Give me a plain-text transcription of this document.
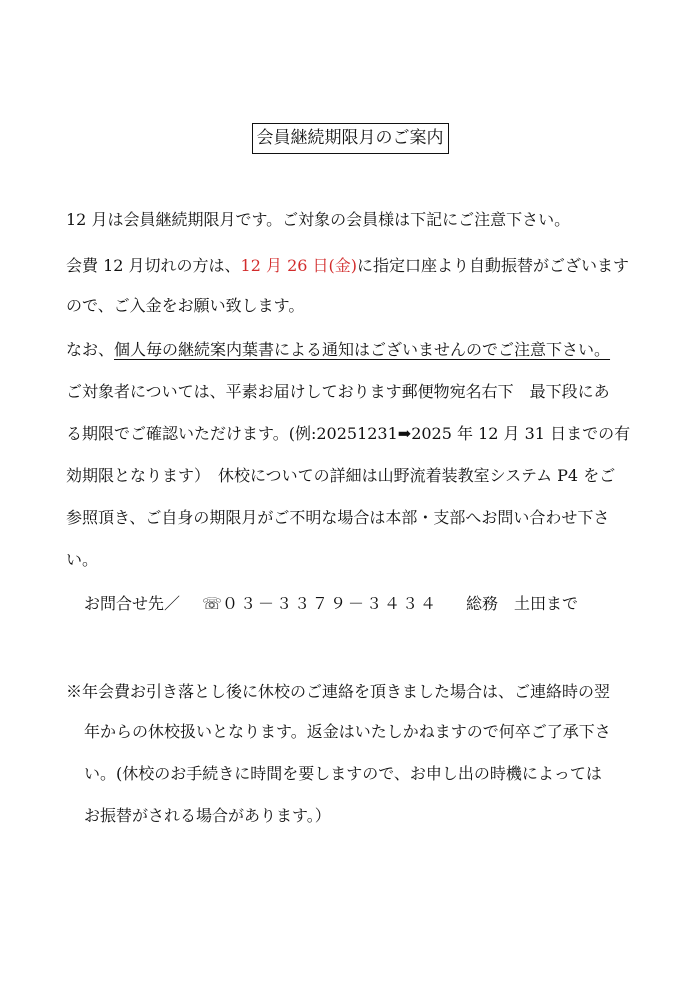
会員継続期限月のご案内
12 月は会員継続期限月です。ご対象の会員様は下記にご注意下さい。
会費 12 月切れの方は、12 月 26 日(金)に指定口座より自動振替がございます
ので、ご入金をお願い致します。
なお、個人毎の継続案内葉書による通知はございませんのでご注意下さい。
ご対象者については、平素お届けしております郵便物宛名右下　最下段にあ
る期限でご確認いただけます。(例:20251231➡2025 年 12 月 31 日までの有
効期限となります）　休校についての詳細は山野流着装教室システム P4 をご
参照頂き、ご自身の期限月がご不明な場合は本部・支部へお問い合わせ下さ
い。
お問合せ先／ ☏０３－３３７９－３４３４ 総務　土田まで
※年会費お引き落とし後に休校のご連絡を頂きました場合は、ご連絡時の翌
年からの休校扱いとなります。返金はいたしかねますので何卒ご了承下さ
い。(休校のお手続きに時間を要しますので、お申し出の時機によっては
お振替がされる場合があります。）
